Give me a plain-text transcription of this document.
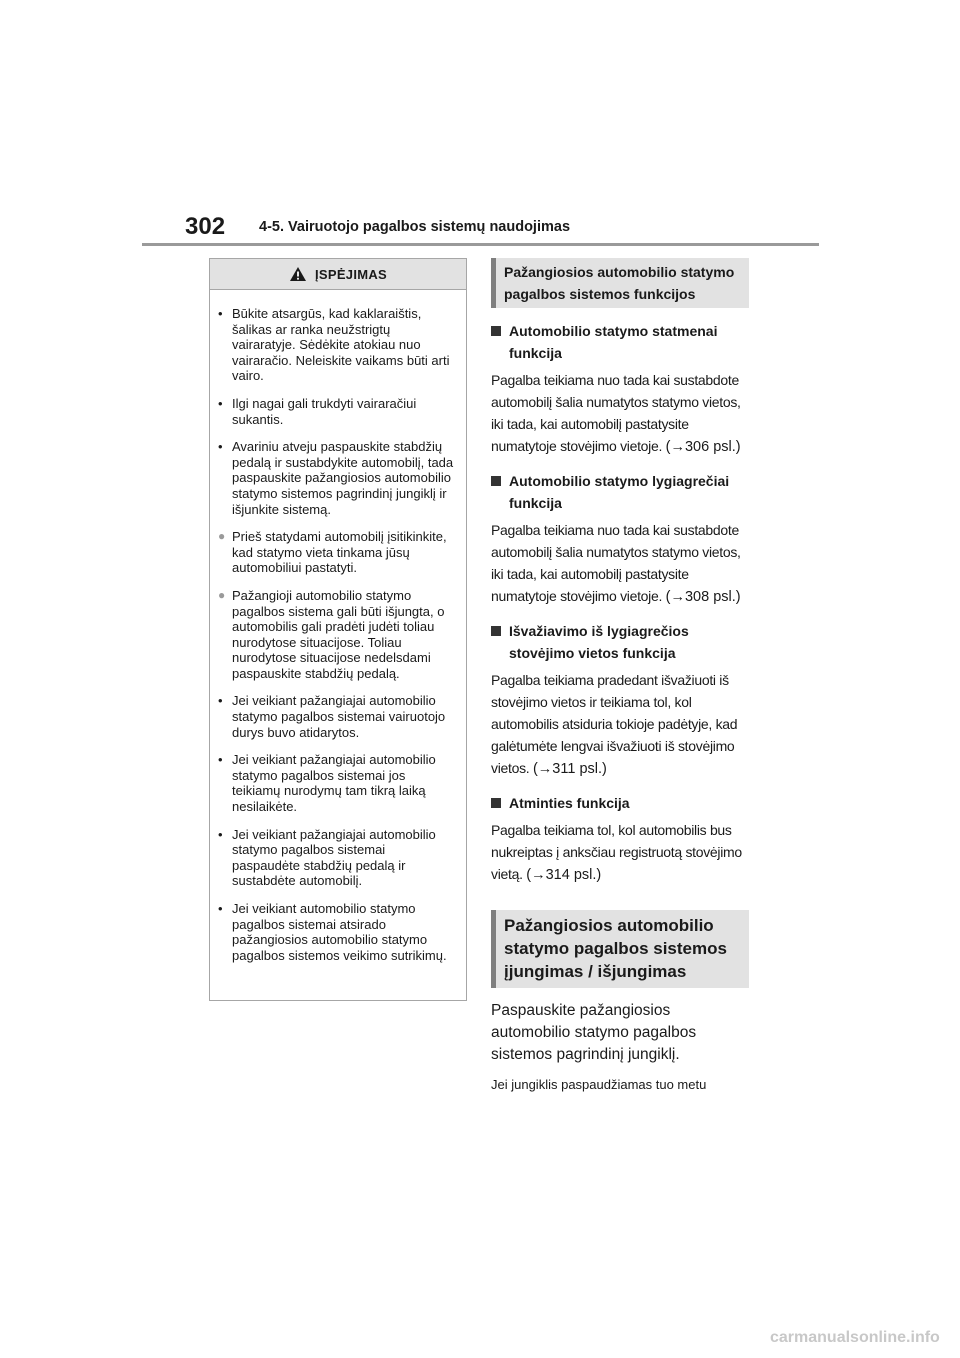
302 4-5. Vairuotojo pagalbos sistemų naudojimas
ĮSPĖJIMAS
• Būkite atsargūs, kad kaklaraištis, šalikas ar ranka neužstrigtų vairaratyje. Sėdėkite atokiau nuo vairaračio. Neleiskite vaikams būti arti vairo.
• Ilgi nagai gali trukdyti vairaračiui sukantis.
• Avariniu atveju paspauskite stabdžių pedalą ir sustabdykite automobilį, tada paspauskite pažangiosios automobilio statymo sistemos pagrindinį jungiklį ir išjunkite sistemą.
● Prieš statydami automobilį įsitikinkite, kad statymo vieta tinkama jūsų automobiliui pastatyti.
● Pažangioji automobilio statymo pagalbos sistema gali būti išjungta, o automobilis gali pradėti judėti toliau nurodytose situacijose. Toliau nurodytose situacijose nedelsdami paspauskite stabdžių pedalą.
• Jei veikiant pažangiajai automobilio statymo pagalbos sistemai vairuotojo durys buvo atidarytos.
• Jei veikiant pažangiajai automobilio statymo pagalbos sistemai jos teikiamų nurodymų tam tikrą laiką nesilaikėte.
• Jei veikiant pažangiajai automobilio statymo pagalbos sistemai paspaudėte stabdžių pedalą ir sustabdėte automobilį.
• Jei veikiant automobilio statymo pagalbos sistemai atsirado pažangiosios automobilio statymo pagalbos sistemos veikimo sutrikimų.
Pažangiosios automobilio statymo pagalbos sistemos funkcijos
Automobilio statymo statmenai funkcija
Pagalba teikiama nuo tada kai sustabdote automobilį šalia numatytos statymo vietos, iki tada, kai automobilį pastatysite numatytoje stovėjimo vietoje. (→306 psl.)
Automobilio statymo lygiagrečiai funkcija
Pagalba teikiama nuo tada kai sustabdote automobilį šalia numatytos statymo vietos, iki tada, kai automobilį pastatysite numatytoje stovėjimo vietoje. (→308 psl.)
Išvažiavimo iš lygiagrečios stovėjimo vietos funkcija
Pagalba teikiama pradedant išvažiuoti iš stovėjimo vietos ir teikiama tol, kol automobilis atsiduria tokioje padėtyje, kad galėtumėte lengvai išvažiuoti iš stovėjimo vietos. (→311 psl.)
Atminties funkcija
Pagalba teikiama tol, kol automobilis bus nukreiptas į anksčiau registruotą stovėjimo vietą. (→314 psl.)
Pažangiosios automobilio statymo pagalbos sistemos įjungimas / išjungimas
Paspauskite pažangiosios automobilio statymo pagalbos sistemos pagrindinį jungiklį.
Jei jungiklis paspaudžiamas tuo metu
carmanualsonline.info
